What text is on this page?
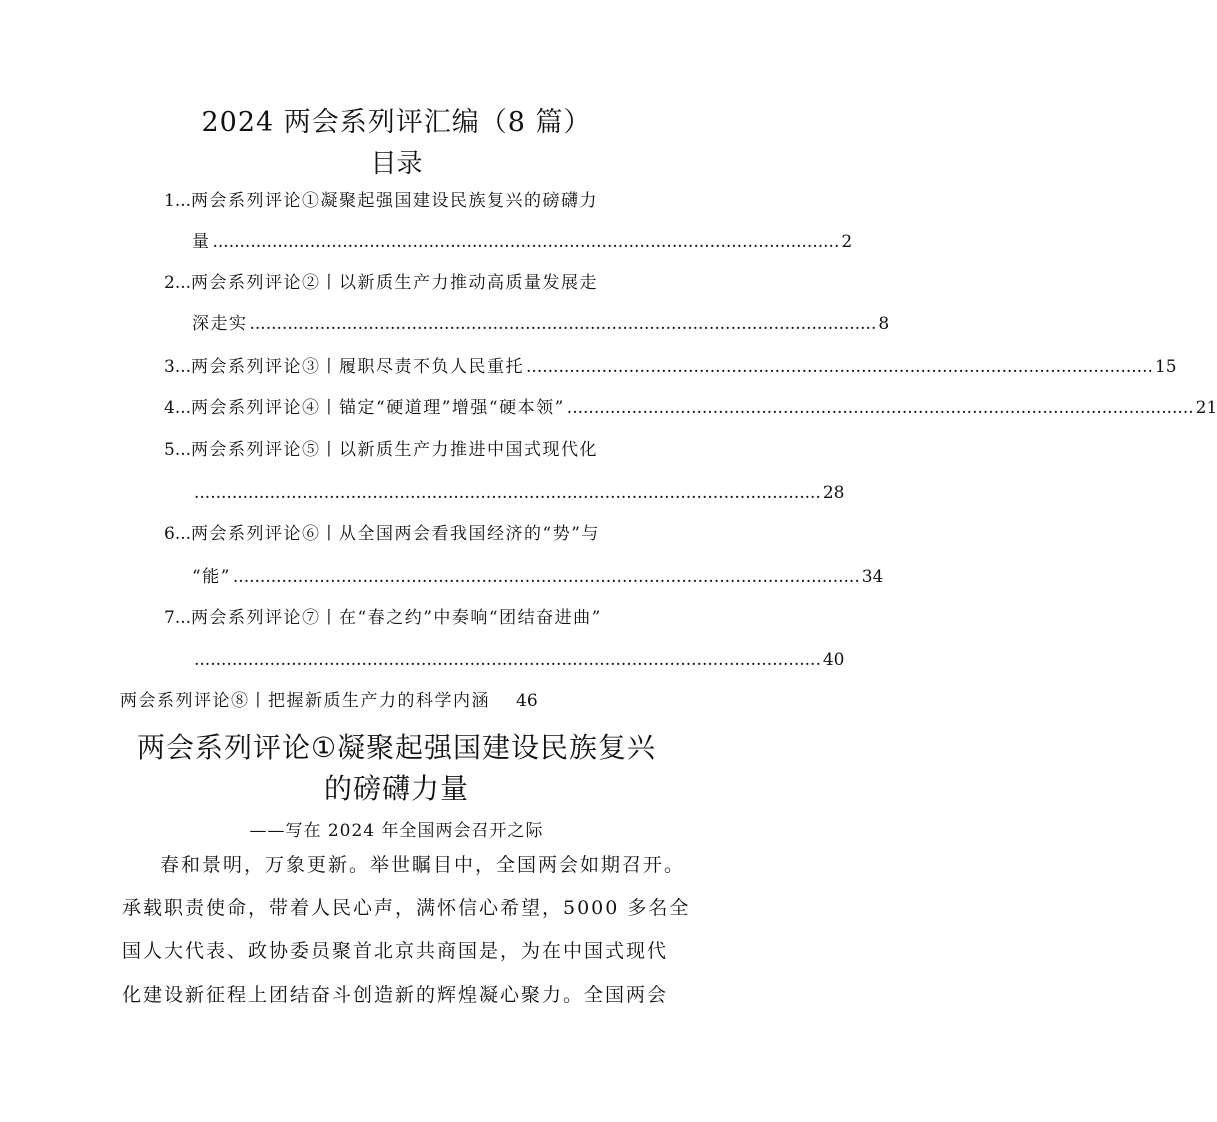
2024 两会系列评汇编（8 篇）
目录
1... 两会系列评论①凝聚起强国建设民族复兴的磅礴力
量 .................................................................................................................... 2
2... 两会系列评论②丨以新质生产力推动高质量发展走
深走实 .................................................................................................................... 8
3... 两会系列评论③丨履职尽责不负人民重托 .................................................................................................................... 15
4... 两会系列评论④丨锚定“硬道理”增强“硬本领” .................................................................................................................... 21
5... 两会系列评论⑤丨以新质生产力推进中国式现代化
.................................................................................................................... 28
6... 两会系列评论⑥丨从全国两会看我国经济的“势”与
“能” .................................................................................................................... 34
7... 两会系列评论⑦丨在“春之约”中奏响“团结奋进曲”
.................................................................................................................... 40
两会系列评论⑧丨把握新质生产力的科学内涵 46
两会系列评论①凝聚起强国建设民族复兴
的磅礴力量
——写在 2024 年全国两会召开之际
春和景明，万象更新。举世瞩目中，全国两会如期召开。
承载职责使命，带着人民心声，满怀信心希望，5000 多名全
国人大代表、政协委员聚首北京共商国是，为在中国式现代
化建设新征程上团结奋斗创造新的辉煌凝心聚力。全国两会
